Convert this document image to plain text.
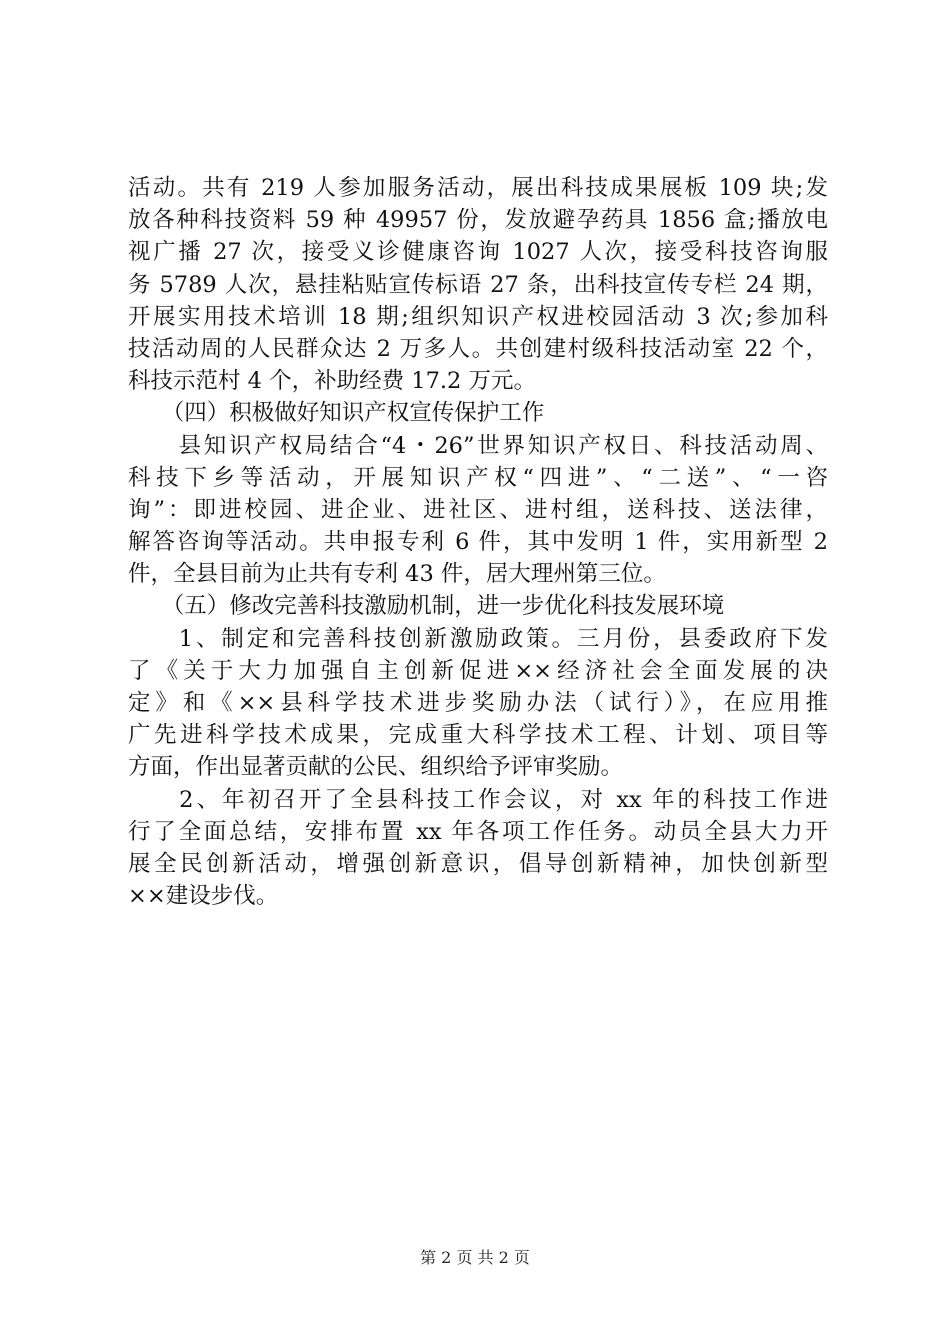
活动。共有 219 人参加服务活动，展出科技成果展板 109 块;发
放各种科技资料 59 种 49957 份，发放避孕药具 1856 盒;播放电
视广播 27 次，接受义诊健康咨询 1027 人次，接受科技咨询服
务 5789 人次，悬挂粘贴宣传标语 27 条，出科技宣传专栏 24 期，
开展实用技术培训 18 期;组织知识产权进校园活动 3 次;参加科
技活动周的人民群众达 2 万多人。共创建村级科技活动室 22 个，
科技示范村 4 个，补助经费 17.2 万元。
　　（四）积极做好知识产权宣传保护工作
　　县知识产权局结合“4・26”世界知识产权日、科技活动周、
科技下乡等活动，开展知识产权“四进”、“二送”、“一咨
询”：即进校园、进企业、进社区、进村组，送科技、送法律，
解答咨询等活动。共申报专利 6 件，其中发明 1 件，实用新型 2
件，全县目前为止共有专利 43 件，居大理州第三位。
　　（五）修改完善科技激励机制，进一步优化科技发展环境
　　1、制定和完善科技创新激励政策。三月份，县委政府下发
了《关于大力加强自主创新促进××经济社会全面发展的决
定》和《××县科学技术进步奖励办法（试行）》，在应用推
广先进科学技术成果，完成重大科学技术工程、计划、项目等
方面，作出显著贡献的公民、组织给予评审奖励。
　　2、年初召开了全县科技工作会议，对 xx 年的科技工作进
行了全面总结，安排布置 xx 年各项工作任务。动员全县大力开
展全民创新活动，增强创新意识，倡导创新精神，加快创新型
××建设步伐。
第 2 页 共 2 页
